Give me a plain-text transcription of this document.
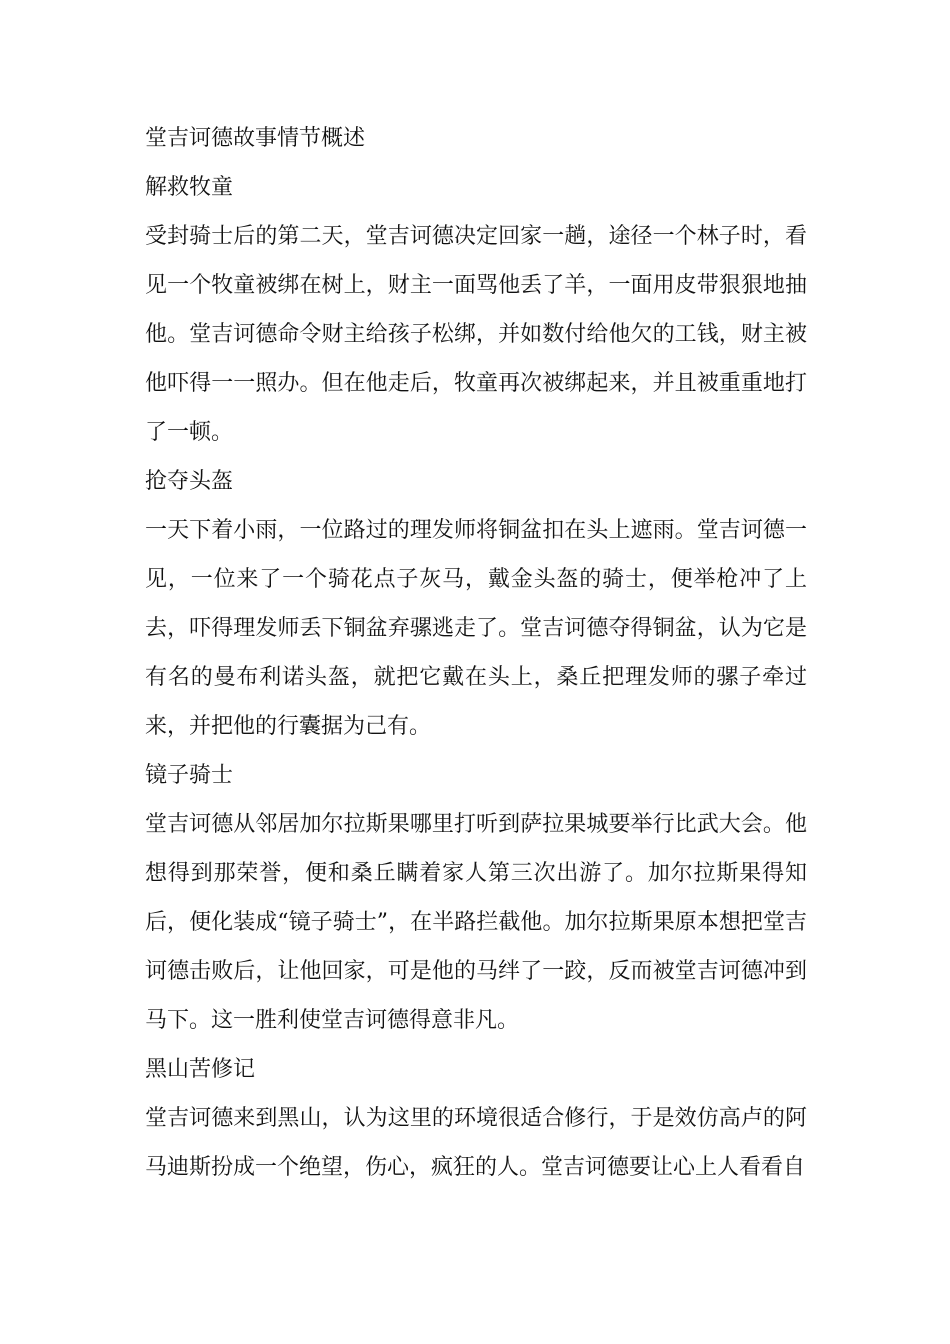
堂吉诃德故事情节概述
解救牧童

受封骑士后的第二天，堂吉诃德决定回家一趟，途径一个林子时，看见一个牧童被绑在树上，财主一面骂他丢了羊，一面用皮带狠狠地抽他。堂吉诃德命令财主给孩子松绑，并如数付给他欠的工钱，财主被他吓得一一照办。但在他走后，牧童再次被绑起来，并且被重重地打了一顿。

抢夺头盔

一天下着小雨，一位路过的理发师将铜盆扣在头上遮雨。堂吉诃德一见，一位来了一个骑花点子灰马，戴金头盔的骑士，便举枪冲了上去，吓得理发师丢下铜盆弃骡逃走了。堂吉诃德夺得铜盆，认为它是有名的曼布利诺头盔，就把它戴在头上，桑丘把理发师的骡子牵过来，并把他的行囊据为己有。

镜子骑士

堂吉诃德从邻居加尔拉斯果哪里打听到萨拉果城要举行比武大会。他想得到那荣誉，便和桑丘瞒着家人第三次出游了。加尔拉斯果得知后，便化装成“镜子骑士”，在半路拦截他。加尔拉斯果原本想把堂吉诃德击败后，让他回家，可是他的马绊了一跤，反而被堂吉诃德冲到马下。这一胜利使堂吉诃德得意非凡。

黑山苦修记

堂吉诃德来到黑山，认为这里的环境很适合修行，于是效仿高卢的阿马迪斯扮成一个绝望，伤心，疯狂的人。堂吉诃德要让心上人看看自
